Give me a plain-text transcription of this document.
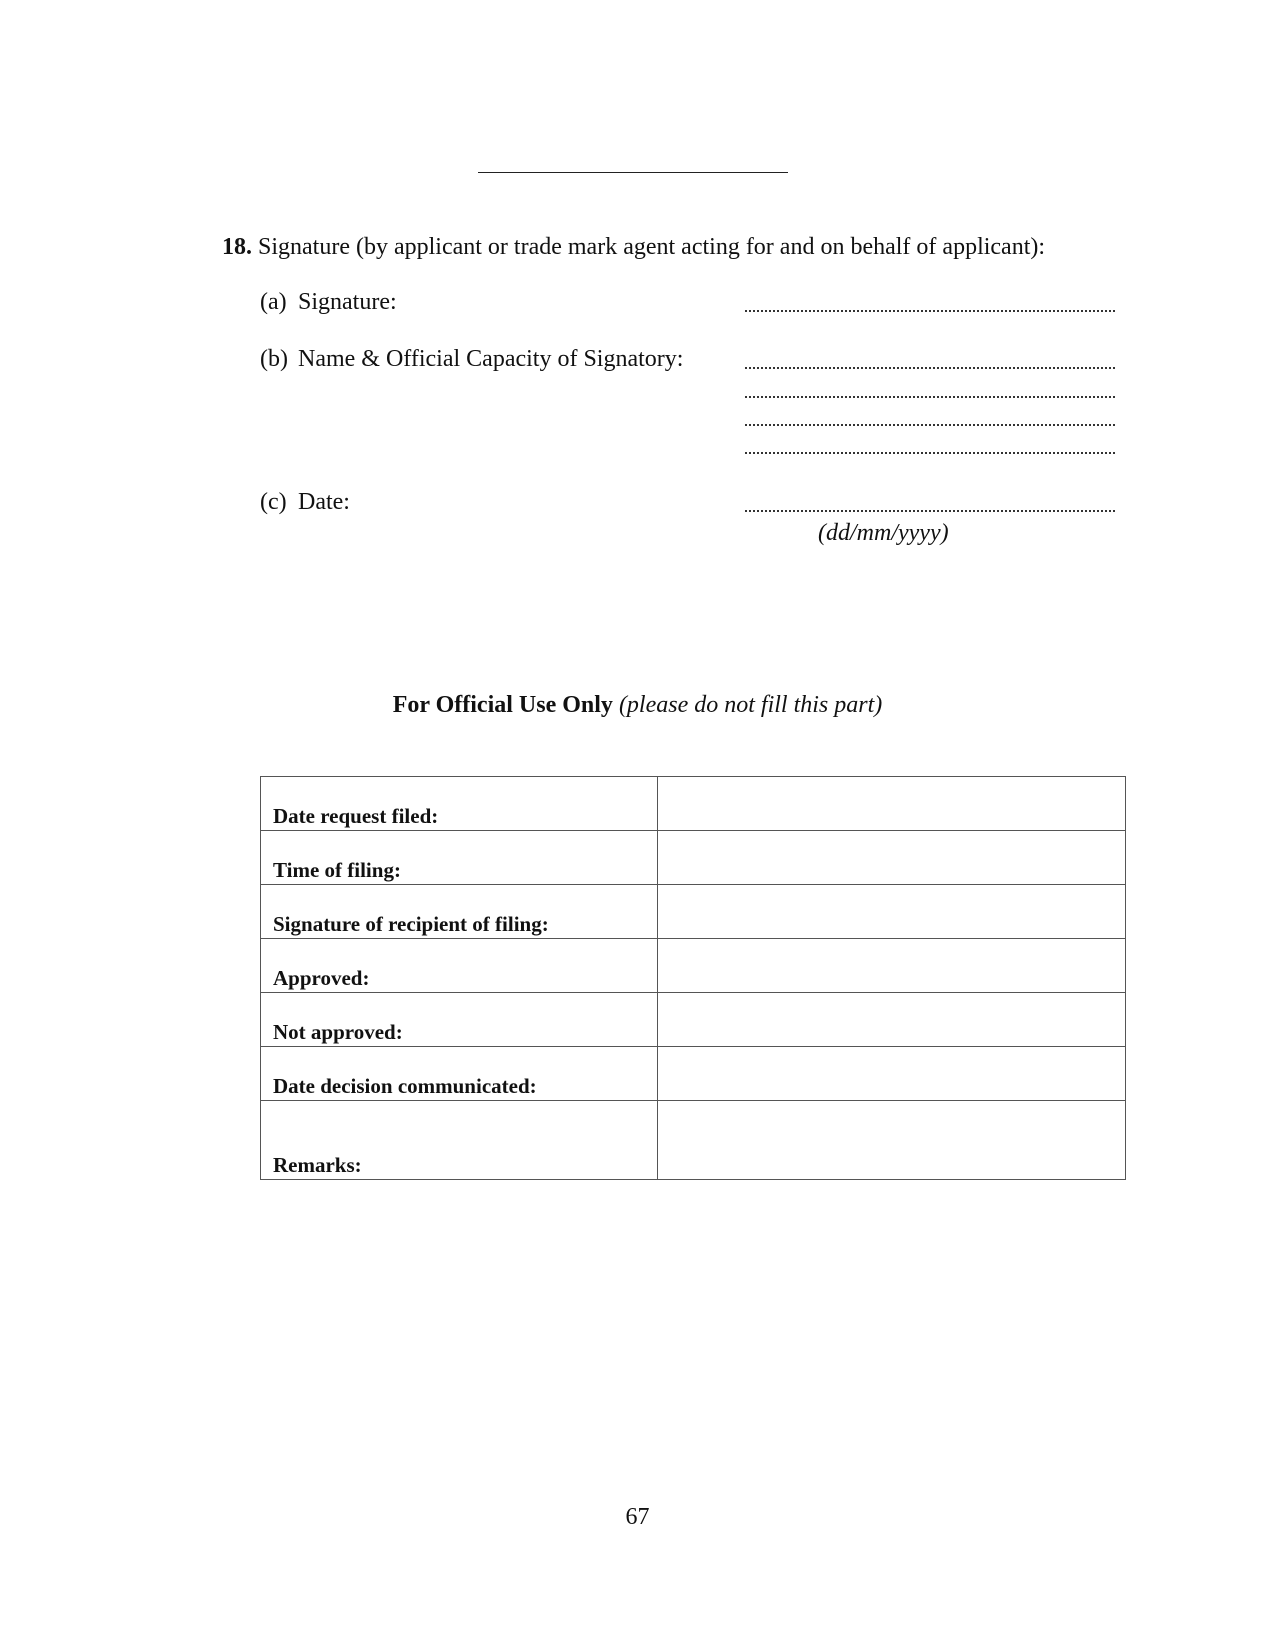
18. Signature (by applicant or trade mark agent acting for and on behalf of applicant):
(a) Signature:
(b) Name & Official Capacity of Signatory:
(c) Date:
(dd/mm/yyyy)
For Official Use Only (please do not fill this part)
Date request filed:	
Time of filing:	
Signature of recipient of filing:	
Approved:	
Not approved:	
Date decision communicated:	
Remarks:	
67
